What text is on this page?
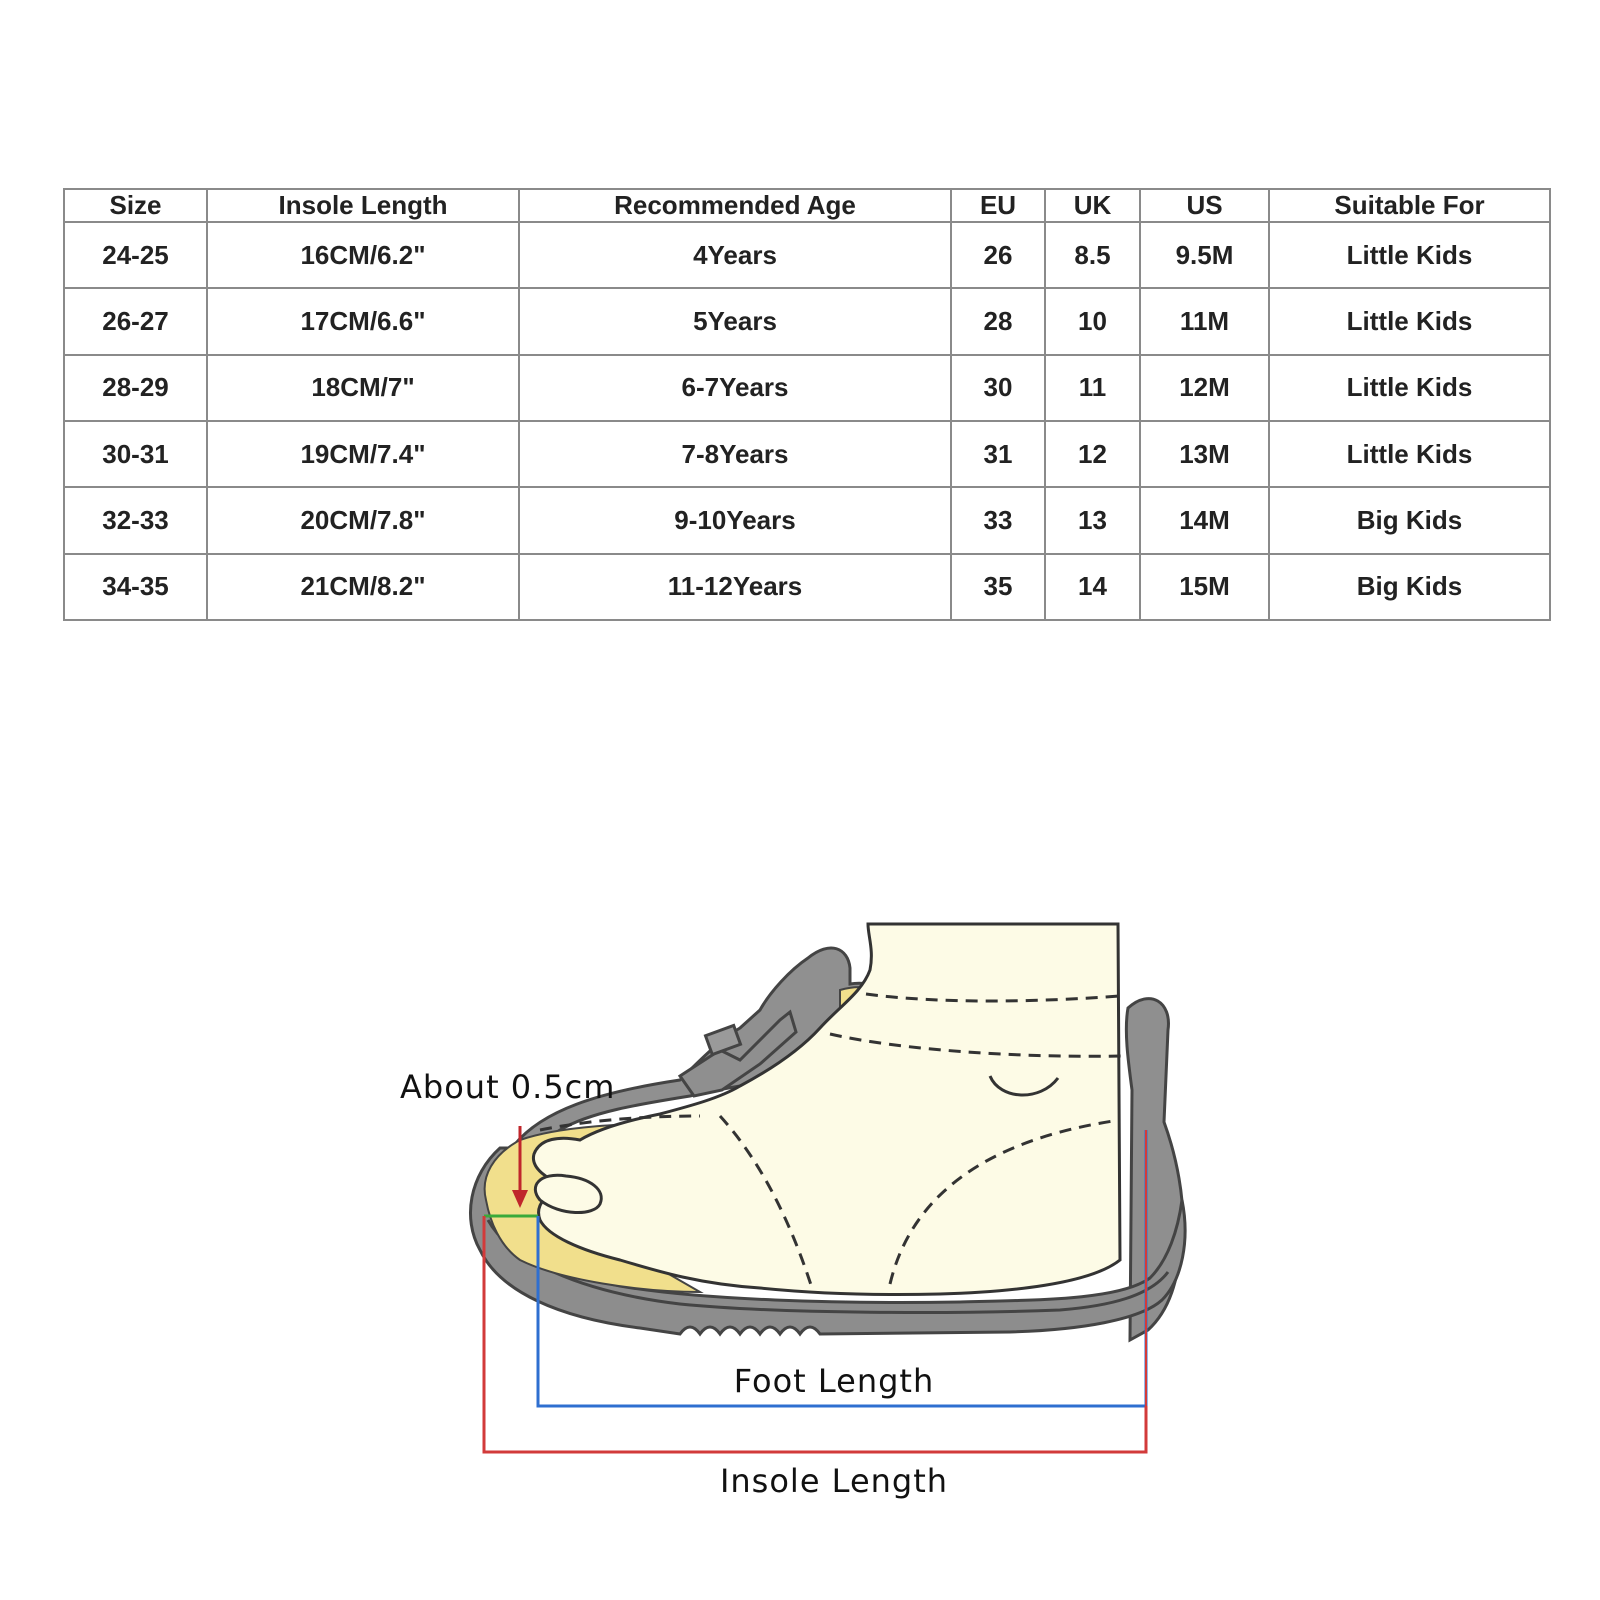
Size	Insole Length	Recommended Age	EU	UK	US	Suitable For
24-25	16CM/6.2"	4Years	26	8.5	9.5M	Little Kids
26-27	17CM/6.6"	5Years	28	10	11M	Little Kids
28-29	18CM/7"	6-7Years	30	11	12M	Little Kids
30-31	19CM/7.4"	7-8Years	31	12	13M	Little Kids
32-33	20CM/7.8"	9-10Years	33	13	14M	Big Kids
34-35	21CM/8.2"	11-12Years	35	14	15M	Big Kids
About 0.5cm
Foot Length
Insole Length
